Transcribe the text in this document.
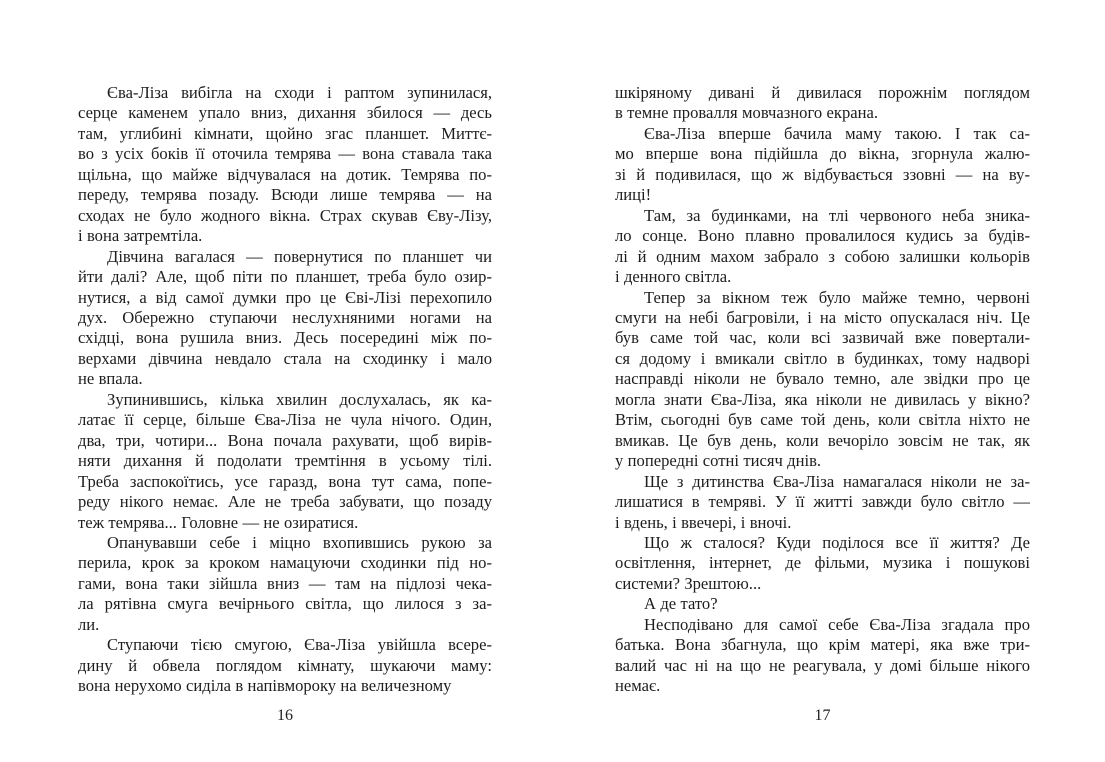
Єва-Ліза вибігла на сходи і раптом зупинилася,
серце каменем упало вниз, дихання збилося — десь
там, углибині кімнати, щойно згас планшет. Миттє-
во з усіх боків її оточила темрява — вона ставала така
щільна, що майже відчувалася на дотик. Темрява по-
переду, темрява позаду. Всюди лише темрява — на
сходах не було жодного вікна. Страх скував Єву-Лізу,
і вона затремтіла.
Дівчина вагалася — повернутися по планшет чи
йти далі? Але, щоб піти по планшет, треба було озир-
нутися, а від самої думки про це Єві-Лізі перехопило
дух. Обережно ступаючи неслухняними ногами на
східці, вона рушила вниз. Десь посередині між по-
верхами дівчина невдало стала на сходинку і мало
не впала.
Зупинившись, кілька хвилин дослухалась, як ка-
латає її серце, більше Єва-Ліза не чула нічого. Один,
два, три, чотири... Вона почала рахувати, щоб вирів-
няти дихання й подолати тремтіння в усьому тілі.
Треба заспокоїтись, усе гаразд, вона тут сама, попе-
реду нікого немає. Але не треба забувати, що позаду
теж темрява... Головне — не озиратися.
Опанувавши себе і міцно вхопившись рукою за
перила, крок за кроком намацуючи сходинки під но-
гами, вона таки зійшла вниз — там на підлозі чека-
ла рятівна смуга вечірнього світла, що лилося з за-
ли.
Ступаючи тією смугою, Єва-Ліза увійшла всере-
дину й обвела поглядом кімнату, шукаючи маму:
вона нерухомо сиділа в напівмороку на величезному
16
шкіряному дивані й дивилася порожнім поглядом
в темне провалля мовчазного екрана.
Єва-Ліза вперше бачила маму такою. І так са-
мо вперше вона підійшла до вікна, згорнула жалю-
зі й подивилася, що ж відбувається ззовні — на ву-
лиці!
Там, за будинками, на тлі червоного неба зника-
ло сонце. Воно плавно провалилося кудись за будів-
лі й одним махом забрало з собою залишки кольорів
і денного світла.
Тепер за вікном теж було майже темно, червоні
смуги на небі багровіли, і на місто опускалася ніч. Це
був саме той час, коли всі зазвичай вже повертали-
ся додому і вмикали світло в будинках, тому надворі
насправді ніколи не бувало темно, але звідки про це
могла знати Єва-Ліза, яка ніколи не дивилась у вікно?
Втім, сьогодні був саме той день, коли світла ніхто не
вмикав. Це був день, коли вечоріло зовсім не так, як
у попередні сотні тисяч днів.
Ще з дитинства Єва-Ліза намагалася ніколи не за-
лишатися в темряві. У її житті завжди було світло —
і вдень, і ввечері, і вночі.
Що ж сталося? Куди поділося все її життя? Де
освітлення, інтернет, де фільми, музика і пошукові
системи? Зрештою...
А де тато?
Несподівано для самої себе Єва-Ліза згадала про
батька. Вона збагнула, що крім матері, яка вже три-
валий час ні на що не реагувала, у домі більше нікого
немає.
17
